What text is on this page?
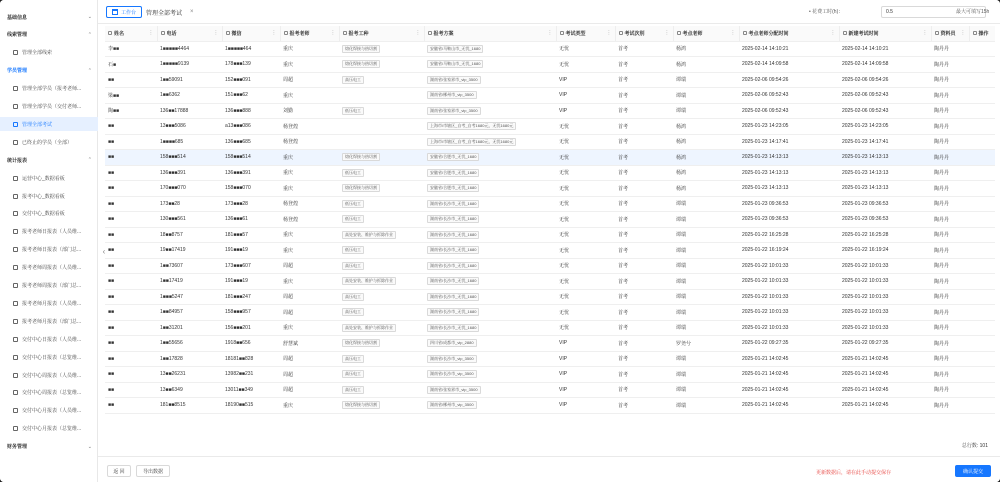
基础信息	⌄
线索管理	⌃
管理全部线索
学员管理	⌃
管理全部学员（报考老师...
管理全部学员（交付老师...
管理全部考试
已终止的学员（全部）
统计报表	⌃
运营中心_数据看板
报考中心_数据看板
交付中心_数据看板
报考老师日报表（人员维...
报考老师日报表（部门总...
报考老师周报表（人员维...
报考老师周报表（部门总...
报考老师月报表（人员维...
报考老师月报表（部门总...
交付中心日报表（人员维...
交付中心日报表（总览维...
交付中心周报表（人员维...
交付中心周报表（总览维...
交付中心月报表（人员维...
交付中心月报表（总览维...
财务管理	⌄
‹
工作台 管理全部考试 ×	• 花费工时(h)：	0.5	最大可填写15h
姓名 ⋮	电话 ⋮	微信 ⋮	报考老师 ⋮	报考工种 ⋮	报考方案 ⋮	考试类型 ⋮	考试次别 ⋮	考点老师 ⋮	考点老师分配时间 ⋮	新建考试时间 ⋮	资料员 ⋮	操作
李■■	1■■■■■4464	1■■■■■464	重庆	熔化焊接与热切割	安徽省/马鞍山市_无忧_1680	无忧	首考	杨鸿	2025-02-14 14:10:21	2025-02-14 14:10:21	陶丹丹	
石■	1■■■■■9139	178■■■139	重庆	熔化焊接与热切割	安徽省/马鞍山市_无忧_1680	无忧	首考	杨鸿	2025-02-14 14:09:58	2025-02-14 14:09:58	陶丹丹	
■■	1■■59091	152■■■091	周超	高压电工	湖南省/张家界市_vip_3500	VIP	首考	谭瑞	2025-02-06 09:54:26	2025-02-06 09:54:26	陶丹丹	
梁■■	1■■6362	151■■■62	重庆		湖南省/郴州市_vip_3500	VIP	首考	谭瑞	2025-02-06 09:52:43	2025-02-06 09:52:43	陶丹丹	
陶■■	136■■17888	136■■■888	刘勤	低压电工	湖南省/张家界市_vip_3500	VIP	首考	谭瑞	2025-02-06 09:52:43	2025-02-06 09:52:43	陶丹丹	
■■	13■■■5086	a13■■■086	杨登煌		上海市/市辖区_自考_自考1680元，无忧1680元	无忧	首考	杨鸿	2025-01-23 14:23:05	2025-01-23 14:23:05	陶丹丹	
■■	1■■■■685	136■■■685	杨登煌		上海市/市辖区_自考_自考1680元，无忧1680元	无忧	首考	杨鸿	2025-01-23 14:17:41	2025-01-23 14:17:41	陶丹丹	
■■	158■■■514	158■■■514	重庆	熔化焊接与热切割	安徽省/合肥市_无忧_1680	无忧	首考	杨鸿	2025-01-23 14:13:13	2025-01-23 14:13:13	陶丹丹	
■■	136■■■391	136■■■391	重庆	低压电工	安徽省/合肥市_无忧_1680	无忧	首考	杨鸿	2025-01-23 14:13:13	2025-01-23 14:13:13	陶丹丹	
■■	170■■■070	158■■■070	重庆	熔化焊接与热切割	安徽省/合肥市_无忧_1680	无忧	首考	杨鸿	2025-01-23 14:13:13	2025-01-23 14:13:13	陶丹丹	
■■	173■■28	173■■■28	杨登煌	低压电工	湖南省/长沙市_无忧_1680	无忧	首考	谭瑞	2025-01-23 09:36:53	2025-01-23 09:36:53	陶丹丹	
■■	130■■■561	136■■■61	杨登煌	低压电工	湖南省/长沙市_无忧_1680	无忧	首考	谭瑞	2025-01-23 09:36:53	2025-01-23 09:36:53	陶丹丹	
■■	18■■8757	181■■■57	重庆	高处安装、维护与拆除作业	湖南省/长沙市_无忧_1680	无忧	首考	谭瑞	2025-01-22 16:25:28	2025-01-22 16:25:28	陶丹丹	
■■	19■■17419	191■■■19	重庆	低压电工	湖南省/长沙市_无忧_1680	无忧	首考	谭瑞	2025-01-22 16:19:24	2025-01-22 16:19:24	陶丹丹	
■■	1■■73607	173■■■607	周超	高压电工	湖南省/长沙市_无忧_1680	无忧	首考	谭瑞	2025-01-22 10:01:33	2025-01-22 10:01:33	陶丹丹	
■■	1■■17419	191■■■19	重庆	高处安装、维护与拆除作业	湖南省/长沙市_无忧_1680	无忧	首考	谭瑞	2025-01-22 10:01:33	2025-01-22 10:01:33	陶丹丹	
■■	1■■■5247	181■■■247	周超	高压电工	湖南省/长沙市_无忧_1680	无忧	首考	谭瑞	2025-01-22 10:01:33	2025-01-22 10:01:33	陶丹丹	
■■	1■■84957	158■■■957	周超	高压电工	湖南省/长沙市_无忧_1680	无忧	首考	谭瑞	2025-01-22 10:01:33	2025-01-22 10:01:33	陶丹丹	
■■	1■■31201	156■■■201	重庆	高处安装、维护与拆除作业	湖南省/长沙市_无忧_1680	无忧	首考	谭瑞	2025-01-22 10:01:33	2025-01-22 10:01:33	陶丹丹	
■■	1■■55656	1918■■656	舒慧斌	熔化焊接与热切割	四川省/成都市_vip_2880	VIP	首考	罗尧兮	2025-01-22 09:27:35	2025-01-22 09:27:35	陶丹丹	
■■	1■■17828	18181■■828	周超	高压电工	湖南省/长沙市_vip_3500	VIP	首考	谭瑞	2025-01-21 14:02:45	2025-01-21 14:02:45	陶丹丹	
■■	13■■26231	13982■■231	周超	高压电工	湖南省/长沙市_vip_3500	VIP	首考	谭瑞	2025-01-21 14:02:45	2025-01-21 14:02:45	陶丹丹	
■■	13■■6349	13011■■349	周超	高压电工	湖南省/张家界市_vip_3500	VIP	首考	谭瑞	2025-01-21 14:02:45	2025-01-21 14:02:45	陶丹丹	
■■	181■■8515	18190■■515	重庆	熔化焊接与热切割	湖南省/郴州市_vip_3500	VIP	首考	谭瑞	2025-01-21 14:02:45	2025-01-21 14:02:45	陶丹丹	
总行数: 101
返 回	导出数据	更新数据后，请在此手动提交保存	确认提交
